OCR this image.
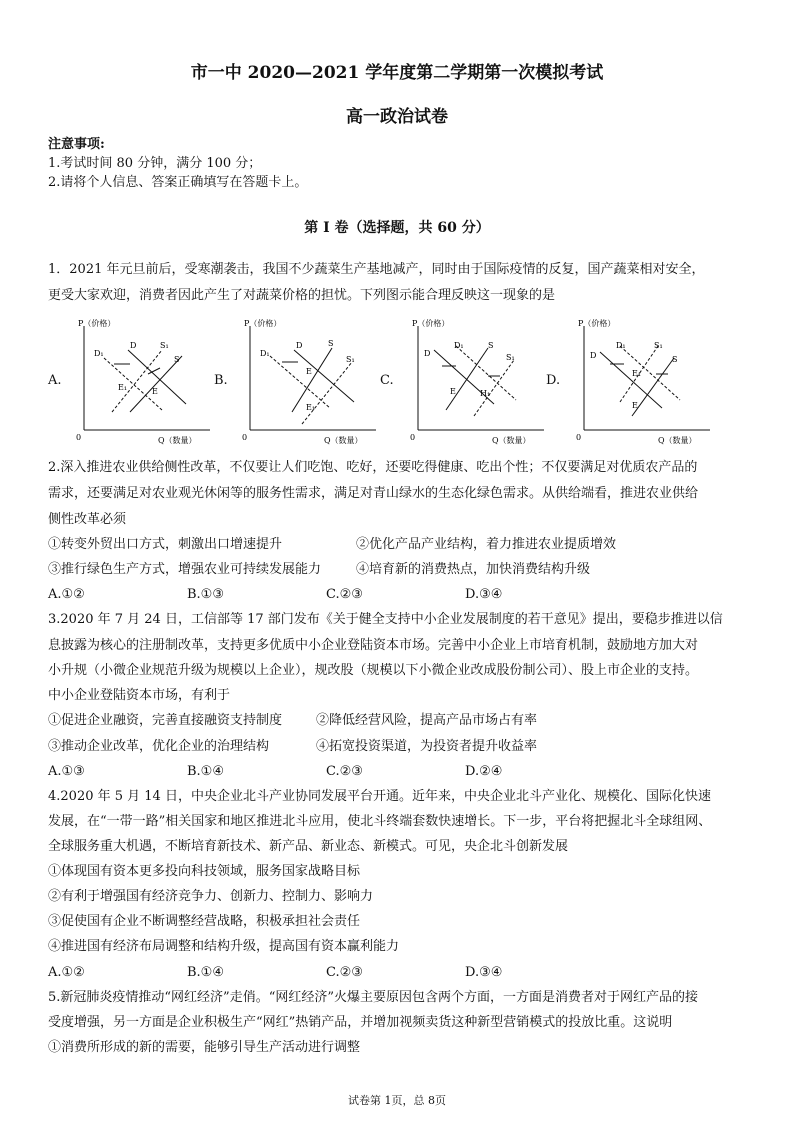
市一中 2020—2021 学年度第二学期第一次模拟考试
高一政治试卷
注意事项:
1.考试时间 80 分钟，满分 100 分；
2.请将个人信息、答案正确填写在答题卡上。
第 I 卷（选择题，共 60 分）
1．2021 年元旦前后，受寒潮袭击，我国不少蔬菜生产基地减产，同时由于国际疫情的反复，国产蔬菜相对安全，
更受大家欢迎，消费者因此产生了对蔬菜价格的担忧。下列图示能合理反映这一现象的是
A.
P（价格）
Q（数量）
0
D₁
D	S₁
S
E₁	E
B.
P（价格）
Q（数量）
0
D₁
D	S
S₁
E
E₁
C.
P（价格）
Q（数量）
0
D
D₁	S
S₁
E	H₁
D.
P（价格）
Q（数量）
0
D
D₁	S₁
S
E₁
E
2.深入推进农业供给侧性改革，不仅要让人们吃饱、吃好，还要吃得健康、吃出个性；不仅要满足对优质农产品的
需求，还要满足对农业观光休闲等的服务性需求，满足对青山绿水的生态化绿色需求。从供给端看，推进农业供给
侧性改革必须
①转变外贸出口方式，刺激出口增速提升	②优化产品产业结构，着力推进农业提质增效
③推行绿色生产方式，增强农业可持续发展能力	④培育新的消费热点，加快消费结构升级
A.①②	B.①③	C.②③	D.③④
3.2020 年 7 月 24 日，工信部等 17 部门发布《关于健全支持中小企业发展制度的若干意见》提出，要稳步推进以信
息披露为核心的注册制改革，支持更多优质中小企业登陆资本市场。完善中小企业上市培育机制，鼓励地方加大对
小升规（小微企业规范升级为规模以上企业），规改股（规模以下小微企业改成股份制公司）、股上市企业的支持。
中小企业登陆资本市场，有利于
①促进企业融资，完善直接融资支持制度	②降低经营风险，提高产品市场占有率
③推动企业改革，优化企业的治理结构	④拓宽投资渠道，为投资者提升收益率
A.①③	B.①④	C.②③	D.②④
4.2020 年 5 月 14 日，中央企业北斗产业协同发展平台开通。近年来，中央企业北斗产业化、规模化、国际化快速
发展，在“一带一路”相关国家和地区推进北斗应用，使北斗终端套数快速增长。下一步，平台将把握北斗全球组网、
全球服务重大机遇，不断培育新技术、新产品、新业态、新模式。可见，央企北斗创新发展
①体现国有资本更多投向科技领域，服务国家战略目标
②有利于增强国有经济竞争力、创新力、控制力、影响力
③促使国有企业不断调整经营战略，积极承担社会责任
④推进国有经济布局调整和结构升级，提高国有资本赢利能力
A.①②	B.①④	C.②③	D.③④
5.新冠肺炎疫情推动“网红经济”走俏。“网红经济”火爆主要原因包含两个方面，一方面是消费者对于网红产品的接
受度增强，另一方面是企业积极生产“网红”热销产品，并增加视频卖货这种新型营销模式的投放比重。这说明
①消费所形成的新的需要，能够引导生产活动进行调整
试卷第 1页，总 8页
